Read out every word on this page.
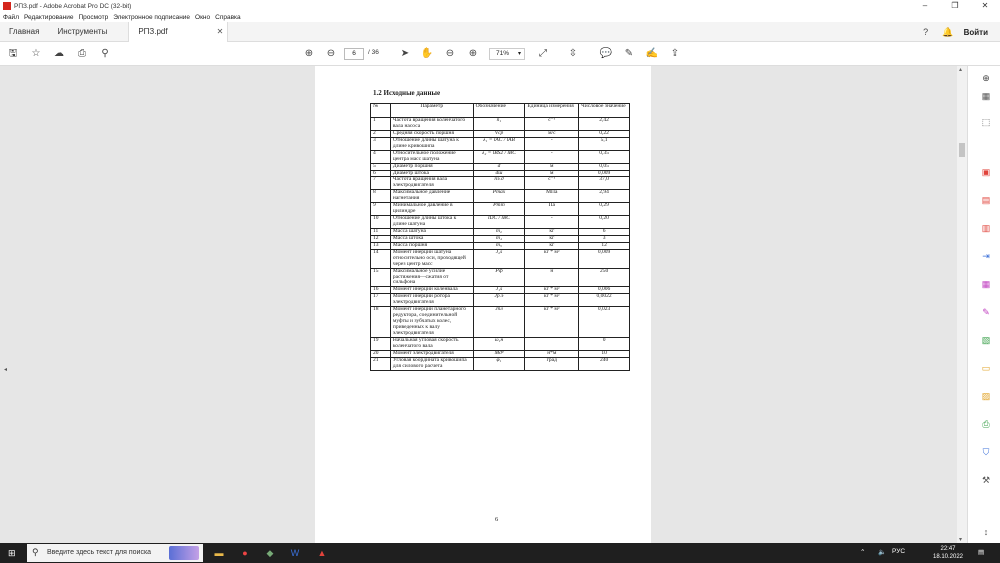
РПЗ.pdf - Adobe Acrobat Pro DC (32-bit)	–	❐	✕
Файл Редактирование Просмотр Электронное подписание Окно Справка
Главная	Инструменты	РПЗ.pdf	✕	?	🔔 Войти
🖫 ☆ ☁	⎙	⚲	⊕ ⊖	6	/ 36 ➤ ✋ ⊖ ⊕	71% ▾	⤢	⇳ 💬 ✎ ✍ ⇪
◂
1.2 Исходные данные
№	Параметр	Обозначение	Единица измерения	Числовое значение
1	Частота вращения коленчатого вала насоса	n₁	c⁻¹	2,42
2	Средняя скорость поршня	Vср	м/с	0,22
3	Отношение длины шатуна к длине кривошипа	λ₁ = lAC / lAB	-	5,1
4	Относительное положение центра масс шатуна	λ₂ = lBS2 / lBC	-	0,35
5	Диаметр поршня	d	м	0,05
6	Диаметр штока	dш	м	0,009
7	Частота вращения вала электродвигателя	nэ.д	c⁻¹	37,0
8	Максимальное давление нагнетания	Pmax	МПа	2,94
9	Минимальное давление в цилиндре	Pmin	Па	0,29
10	Отношение длины штока к длине шатуна	lDC / lBC	-	0,20
11	Масса шатуна	m₂	кг	6
12	Масса штока	m₄	кг	3
13	Масса поршня	m₅	кг	12
14	Момент инерции шатуна относительно оси, проходящей через центр масс	J₂s	кг * м²	0,009
15	Максимальное усилие растяжения—сжатия от сильфона	Pф	н	250
16	Момент инерции коленвала	J₁s	кг * м²	0,006
17	Момент инерции ротора электродвигателя	Jр.э	кг * м²	0,0022
18	Момент инерции планетарного редуктора, соединительной муфты и зубчатых колес, приведенных к валу электродвигателя	Jпл	кг * м²	0,023
19	Начальная угловая скорость коленчатого вала	ω₁н		0
20	Момент электродвигателя	Mдᵖ	н*м	10
21	Угловая координата кривошипа для силового расчета	φ₁	град	240
6
▴
▾
⊕
▦
⬚
▣
▤
▥
⇥
▦
✎
▧
▭
▨
⎙
⛉
⚒
↕
⊞ ⚲ Введите здесь текст для поиска	▬	●	◆	W	▲	⌃ 🔈 РУС	22:47
18.10.2022
▤
